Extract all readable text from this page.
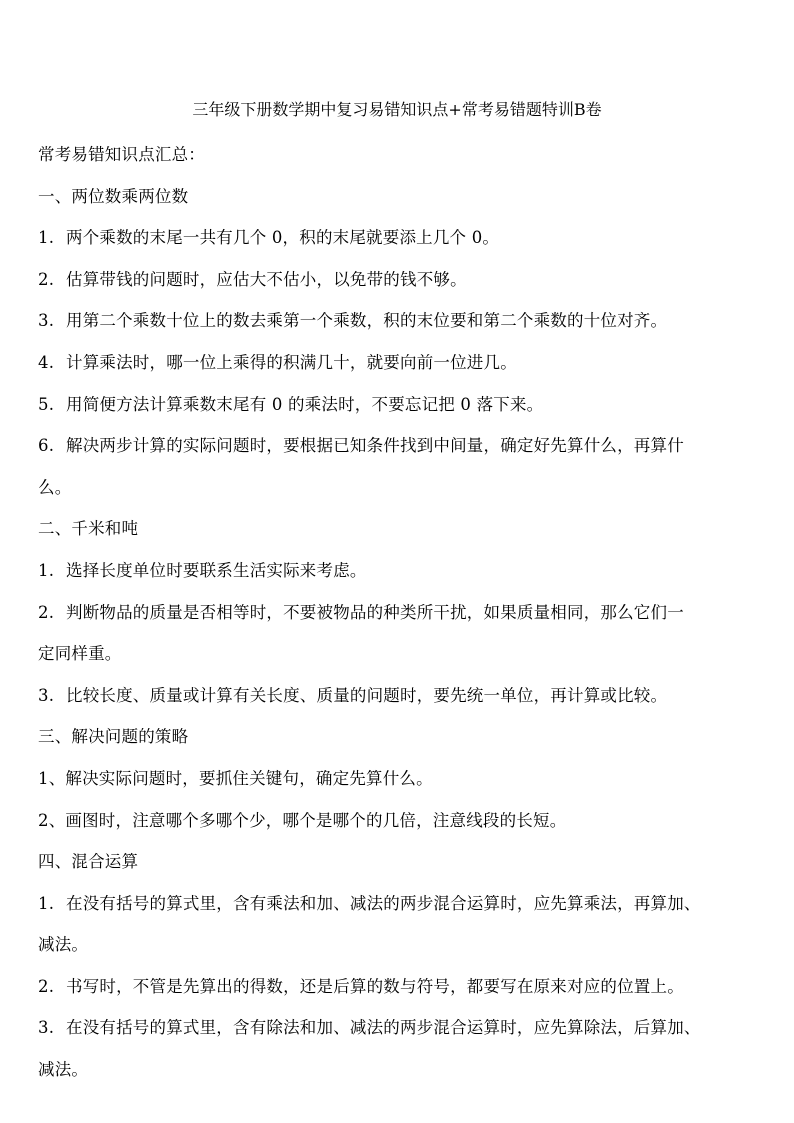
三年级下册数学期中复习易错知识点+常考易错题特训B卷
常考易错知识点汇总：
一、两位数乘两位数
1. 两个乘数的末尾一共有几个 0，积的末尾就要添上几个 0。
2. 估算带钱的问题时，应估大不估小，以免带的钱不够。
3. 用第二个乘数十位上的数去乘第一个乘数，积的末位要和第二个乘数的十位对齐。
4. 计算乘法时，哪一位上乘得的积满几十，就要向前一位进几。
5. 用简便方法计算乘数末尾有 0 的乘法时，不要忘记把 0 落下来。
6. 解决两步计算的实际问题时，要根据已知条件找到中间量，确定好先算什么，再算什
么。
二、千米和吨
1. 选择长度单位时要联系生活实际来考虑。
2. 判断物品的质量是否相等时，不要被物品的种类所干扰，如果质量相同，那么它们一
定同样重。
3. 比较长度、质量或计算有关长度、质量的问题时，要先统一单位，再计算或比较。
三、解决问题的策略
1、解决实际问题时，要抓住关键句，确定先算什么。
2、画图时，注意哪个多哪个少，哪个是哪个的几倍，注意线段的长短。
四、混合运算
1. 在没有括号的算式里，含有乘法和加、减法的两步混合运算时，应先算乘法，再算加、
减法。
2. 书写时，不管是先算出的得数，还是后算的数与符号，都要写在原来对应的位置上。
3. 在没有括号的算式里，含有除法和加、减法的两步混合运算时，应先算除法，后算加、
减法。
